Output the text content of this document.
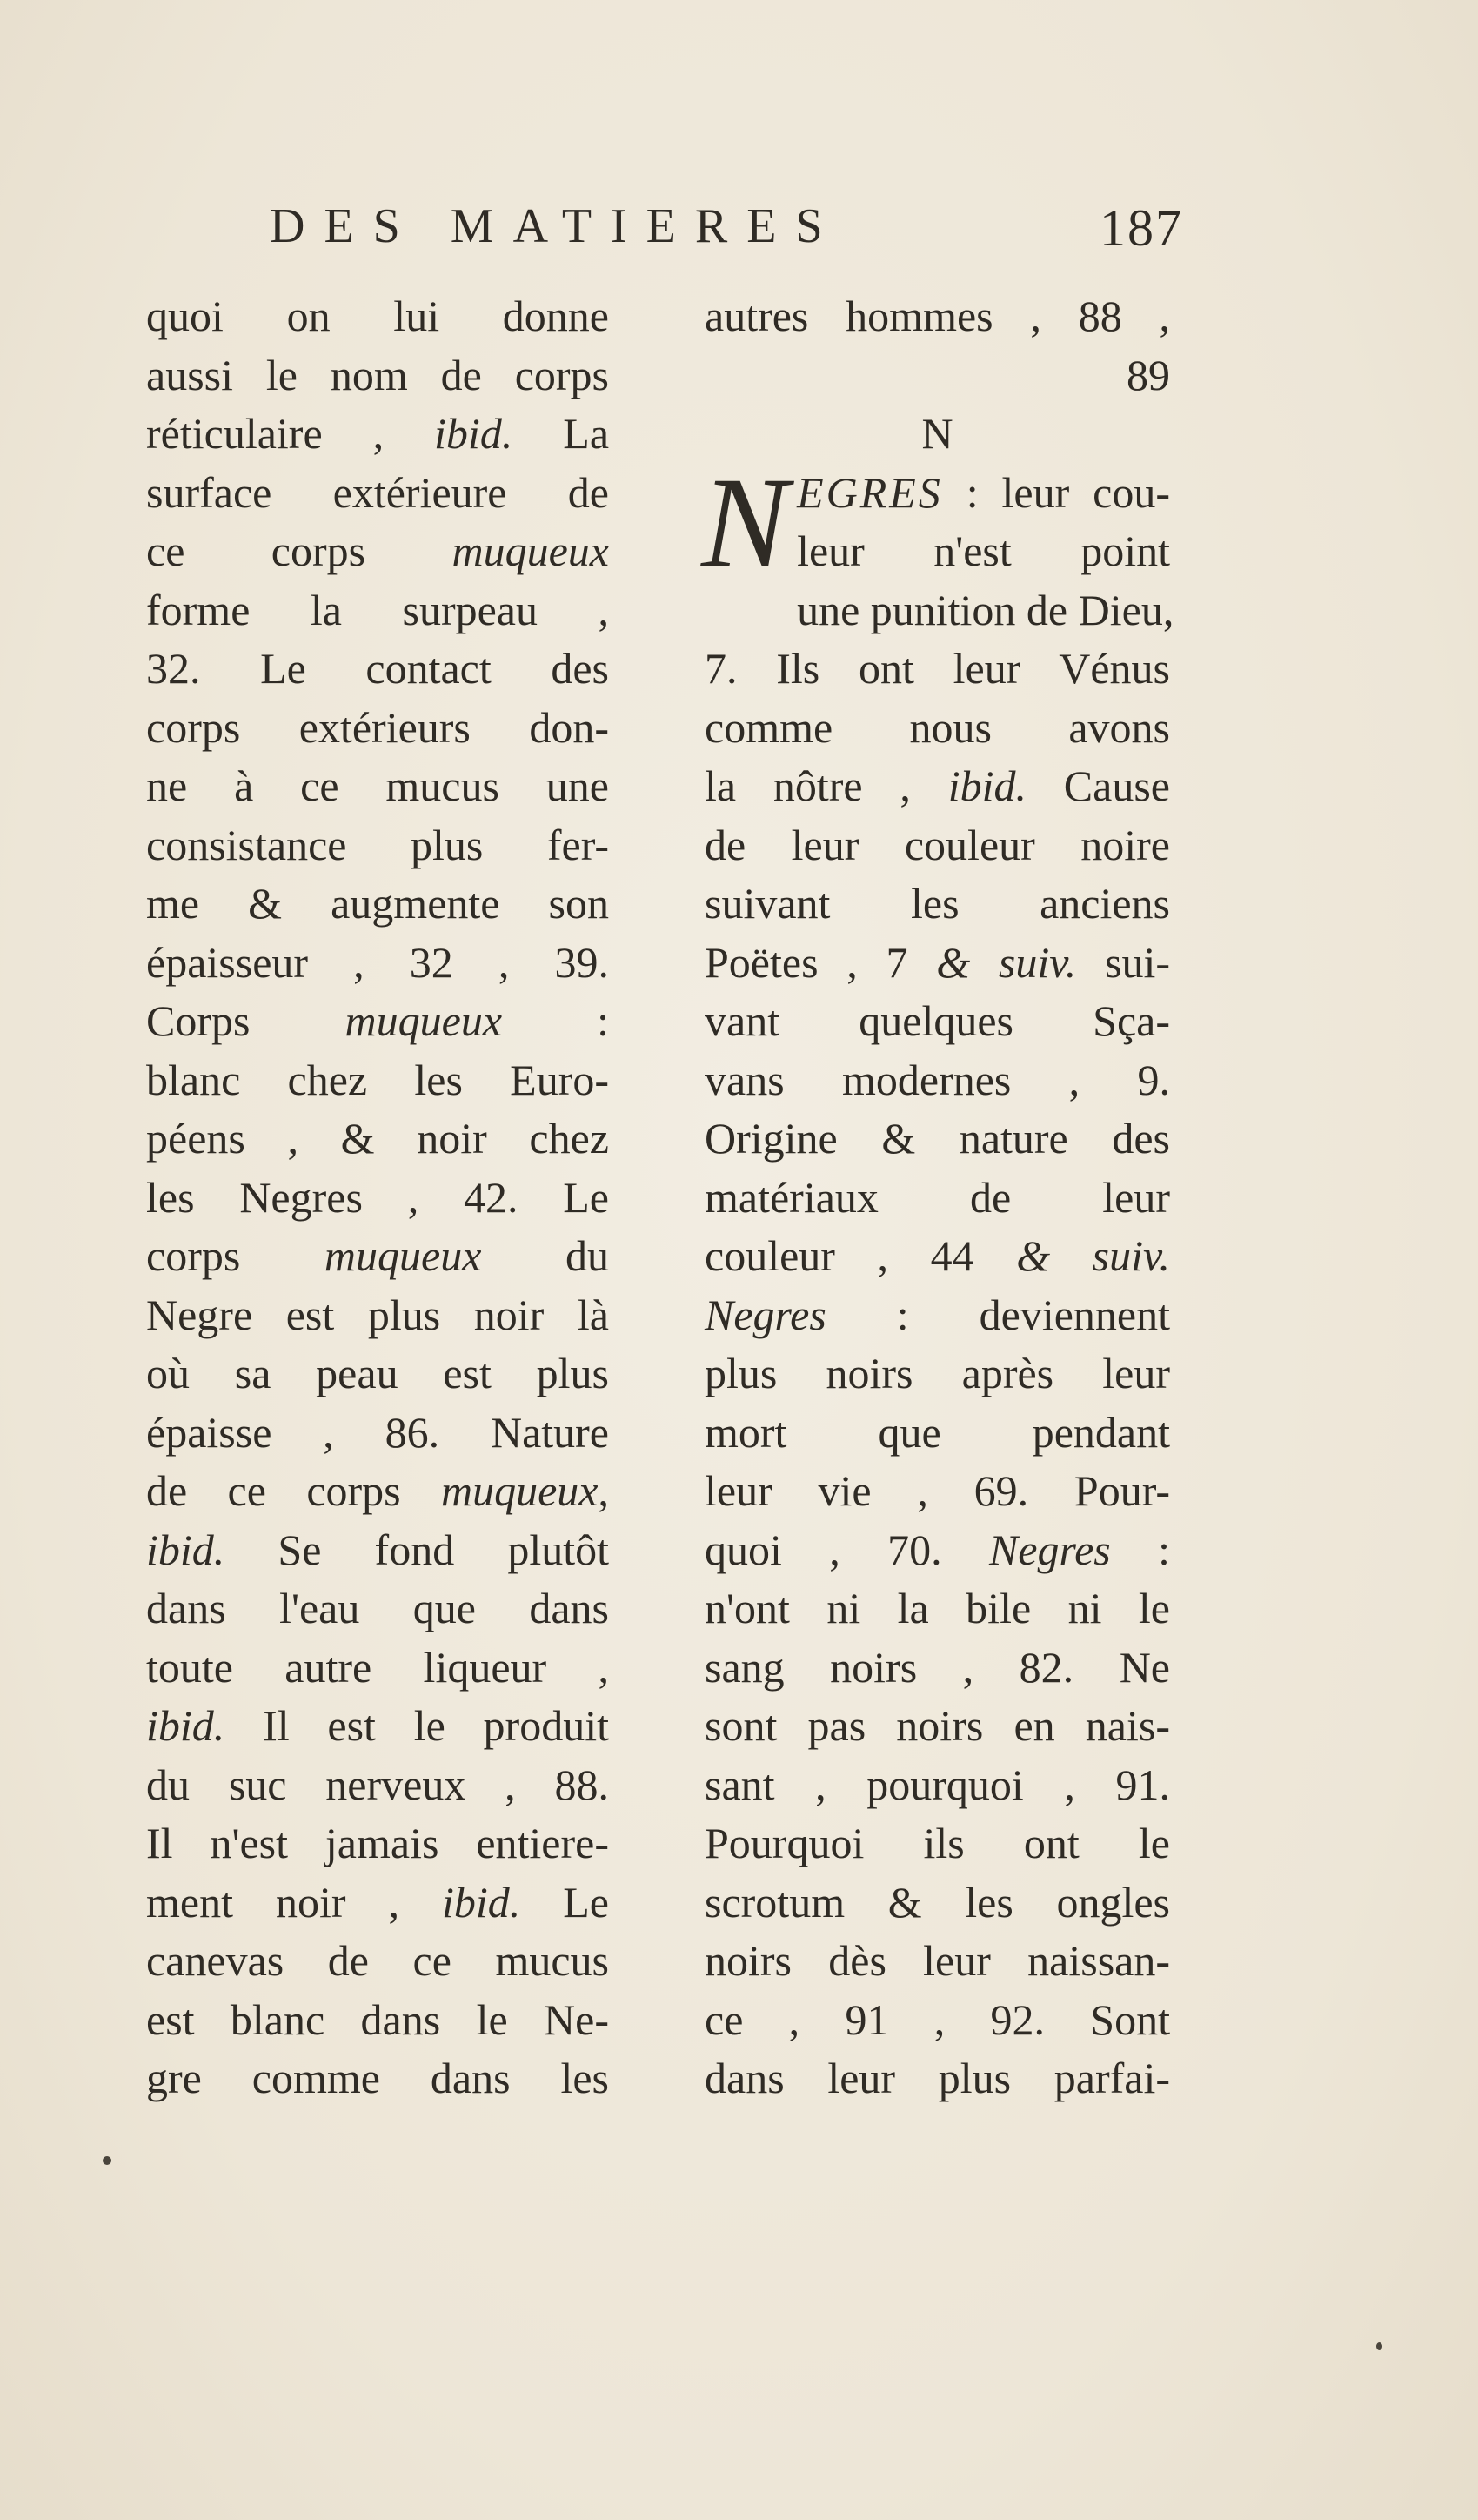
DES MATIERES	187
quoi on lui donne
aussi le nom de corps
réticulaire , ibid. La
surface extérieure de
ce corps muqueux
forme la surpeau ,
32. Le contact des
corps extérieurs don-
ne à ce mucus une
consistance plus fer-
me & augmente son
épaisseur , 32 , 39.
Corps muqueux :
blanc chez les Euro-
péens , & noir chez
les Negres , 42. Le
corps muqueux du
Negre est plus noir là
où sa peau est plus
épaisse , 86. Nature
de ce corps muqueux,
ibid. Se fond plutôt
dans l'eau que dans
toute autre liqueur ,
ibid. Il est le produit
du suc nerveux , 88.
Il n'est jamais entiere-
ment noir , ibid. Le
canevas de ce mucus
est blanc dans le Ne-
gre comme dans les
autres hommes , 88 ,
89
N
N EGRES : leur cou-
leur n'est point
une punition de Dieu,
7. Ils ont leur Vénus
comme nous avons
la nôtre , ibid. Cause
de leur couleur noire
suivant les anciens
Poëtes , 7 & suiv. sui-
vant quelques Sça-
vans modernes , 9.
Origine & nature des
matériaux de leur
couleur , 44 & suiv.
Negres : deviennent
plus noirs après leur
mort que pendant
leur vie , 69. Pour-
quoi , 70. Negres :
n'ont ni la bile ni le
sang noirs , 82. Ne
sont pas noirs en nais-
sant , pourquoi , 91.
Pourquoi ils ont le
scrotum & les ongles
noirs dès leur naissan-
ce , 91 , 92. Sont
dans leur plus parfai-
